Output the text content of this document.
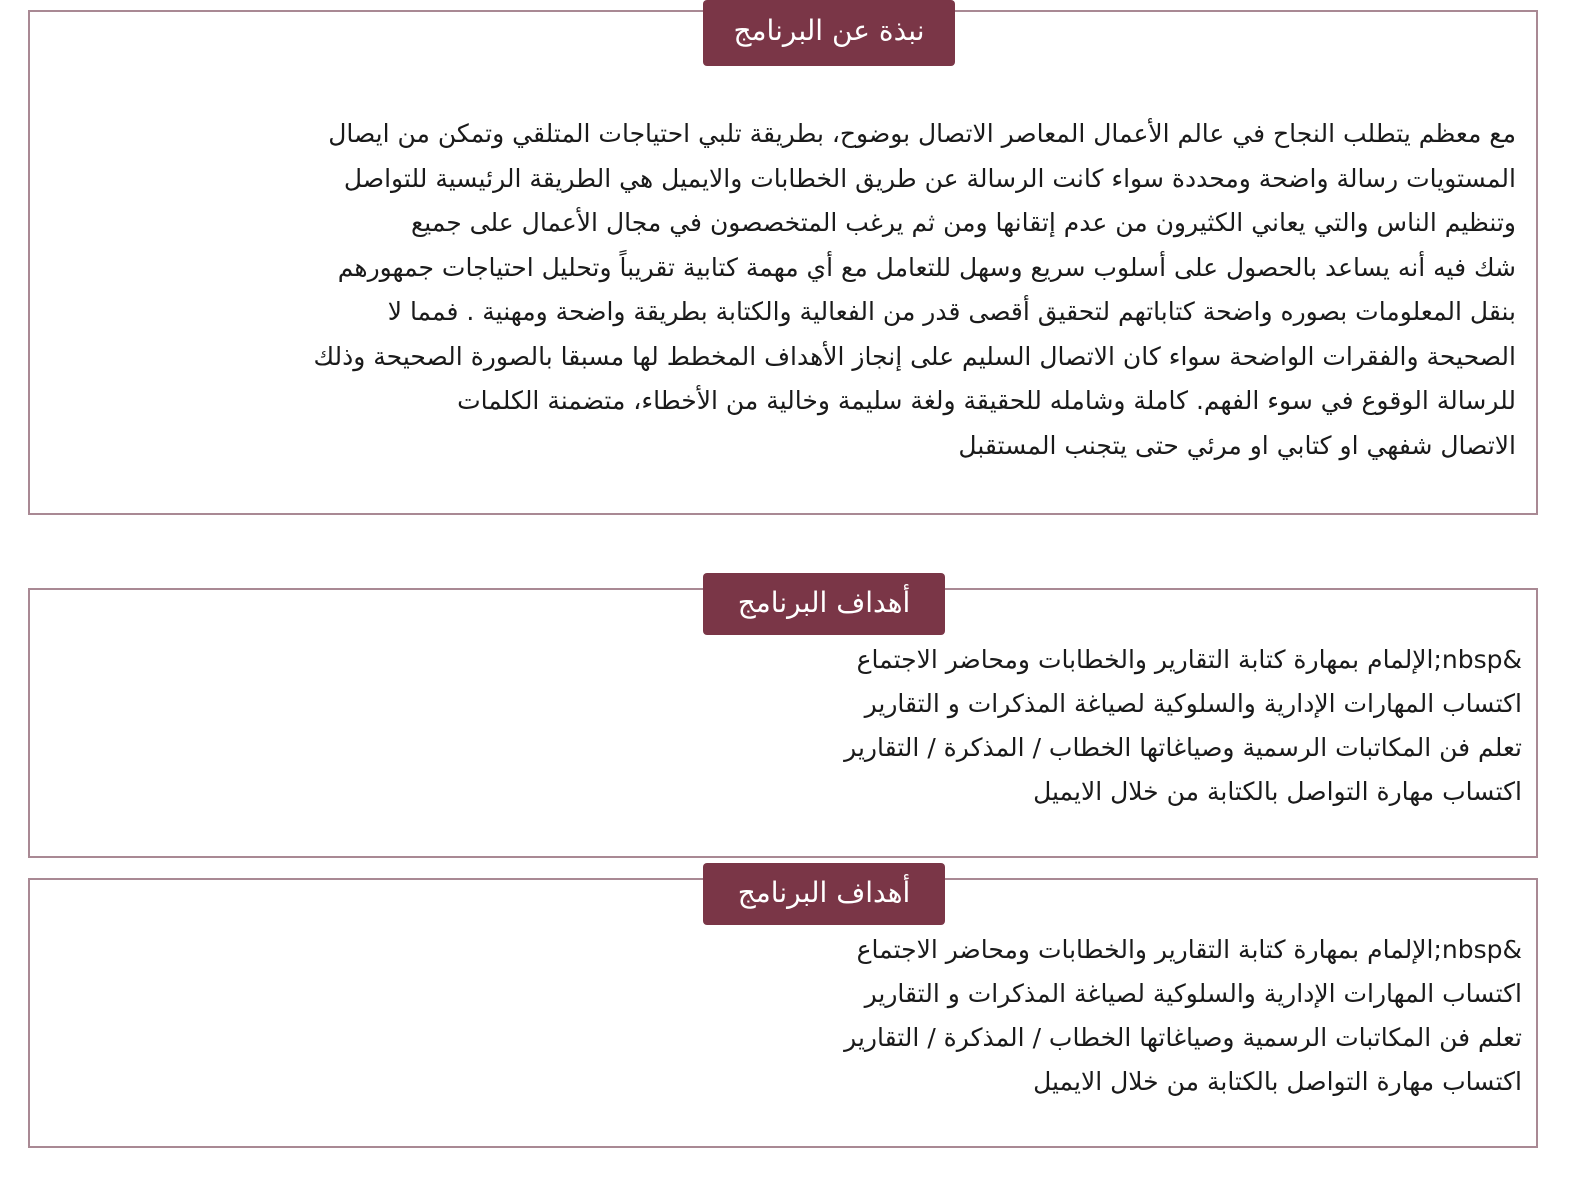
نبذة عن البرنامج
مع معظم يتطلب النجاح في عالم الأعمال المعاصر الاتصال بوضوح، بطريقة تلبي احتياجات المتلقي وتمكن من ايصال
المستويات رسالة واضحة ومحددة سواء كانت الرسالة عن طريق الخطابات والايميل هي الطريقة الرئيسية للتواصل
وتنظيم الناس والتي يعاني الكثيرون من عدم إتقانها ومن ثم يرغب المتخصصون في مجال الأعمال على جميع
شك فيه أنه يساعد بالحصول على أسلوب سريع وسهل للتعامل مع أي مهمة كتابية تقريباً وتحليل احتياجات جمهورهم
بنقل المعلومات بصوره واضحة كتاباتهم لتحقيق أقصى قدر من الفعالية والكتابة بطريقة واضحة ومهنية . فمما لا
الصحيحة والفقرات الواضحة سواء كان الاتصال السليم على إنجاز الأهداف المخطط لها مسبقا بالصورة الصحيحة وذلك
للرسالة الوقوع في سوء الفهم. كاملة وشامله للحقيقة ولغة سليمة وخالية من الأخطاء، متضمنة الكلمات
الاتصال شفهي او كتابي او مرئي حتى يتجنب المستقبل
أهداف البرنامج
&nbsp;الإلمام بمهارة كتابة التقارير والخطابات ومحاضر الاجتماع
اكتساب المهارات الإدارية والسلوكية لصياغة المذكرات و التقارير
تعلم فن المكاتبات الرسمية وصياغاتها الخطاب / المذكرة / التقارير
اكتساب مهارة التواصل بالكتابة من خلال الايميل
أهداف البرنامج
&nbsp;الإلمام بمهارة كتابة التقارير والخطابات ومحاضر الاجتماع
اكتساب المهارات الإدارية والسلوكية لصياغة المذكرات و التقارير
تعلم فن المكاتبات الرسمية وصياغاتها الخطاب / المذكرة / التقارير
اكتساب مهارة التواصل بالكتابة من خلال الايميل
